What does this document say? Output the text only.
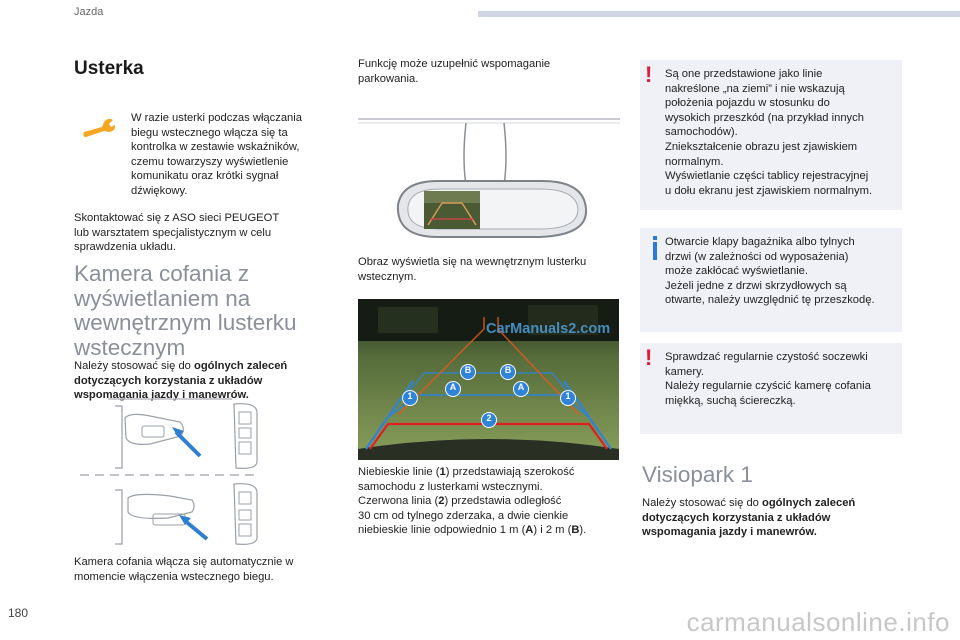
Jazda
Usterka
W razie usterki podczas włączania
biegu wstecznego włącza się ta
kontrolka w zestawie wskaźników,
czemu towarzyszy wyświetlenie
komunikatu oraz krótki sygnał
dźwiękowy.
Skontaktować się z ASO sieci PEUGEOT
lub warsztatem specjalistycznym w celu
sprawdzenia układu.
Kamera cofania z
wyświetlaniem na
wewnętrznym lusterku
wstecznym
Należy stosować się do ogólnych zaleceń
dotyczących korzystania z układów
wspomagania jazdy i manewrów.
Kamera cofania włącza się automatycznie w
momencie włączenia wstecznego biegu.
Funkcję może uzupełnić wspomaganie
parkowania.
Obraz wyświetla się na wewnętrznym lusterku
wstecznym.
CarManuals2.com
1
A
B	B
A
1
2
Niebieskie linie (1) przedstawiają szerokość
samochodu z lusterkami wstecznymi.
Czerwona linia (2) przedstawia odległość
30 cm od tylnego zderzaka, a dwie cienkie
niebieskie linie odpowiednio 1 m (A) i 2 m (B).
! Są one przedstawione jako linie
nakreślone „na ziemi” i nie wskazują
położenia pojazdu w stosunku do
wysokich przeszkód (na przykład innych
samochodów).
Zniekształcenie obrazu jest zjawiskiem
normalnym.
Wyświetlanie części tablicy rejestracyjnej
u dołu ekranu jest zjawiskiem normalnym.
Otwarcie klapy bagażnika albo tylnych
drzwi (w zależności od wyposażenia)
może zakłócać wyświetlanie.
Jeżeli jedne z drzwi skrzydłowych są
otwarte, należy uwzględnić tę przeszkodę.
! Sprawdzać regularnie czystość soczewki
kamery.
Należy regularnie czyścić kamerę cofania
miękką, suchą ściereczką.
Visiopark 1
Należy stosować się do ogólnych zaleceń
dotyczących korzystania z układów
wspomagania jazdy i manewrów.
180	carmanualsonline.info
